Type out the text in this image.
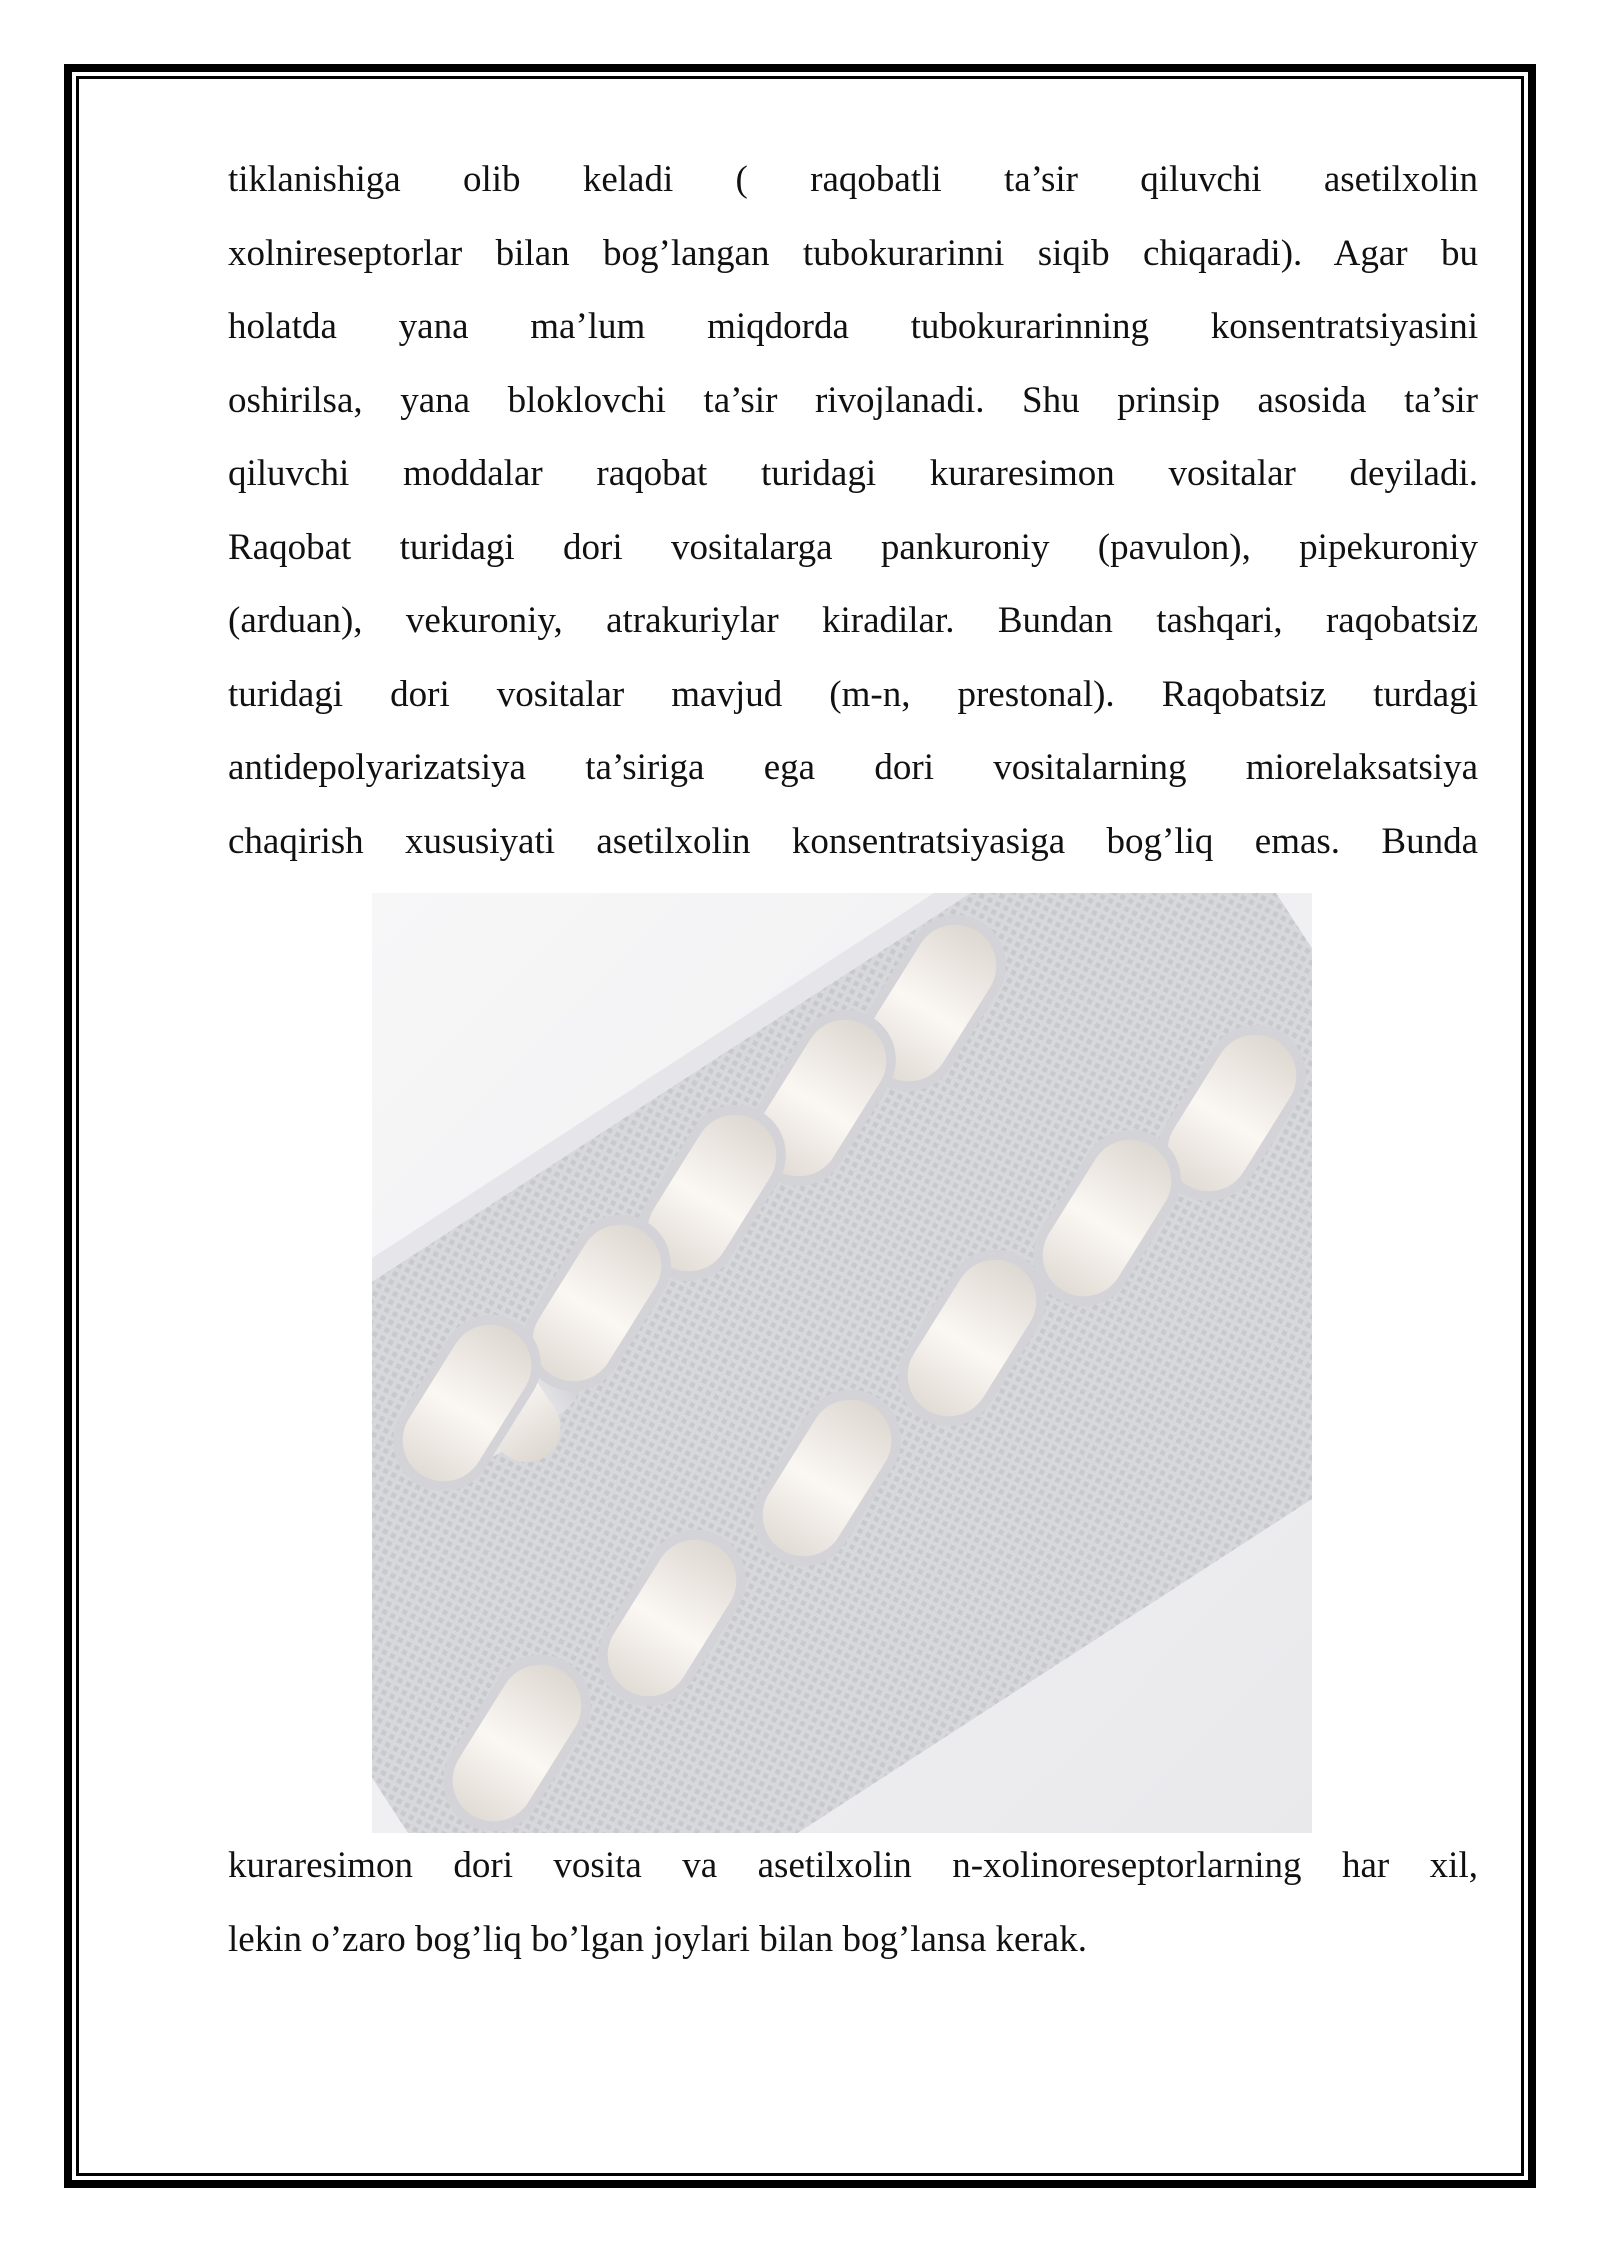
tiklanishiga olib keladi ( raqobatli ta’sir qiluvchi asetilxolin
xolnireseptorlar bilan bog’langan tubokurarinni siqib chiqaradi). Agar bu
holatda yana ma’lum miqdorda tubokurarinning konsentratsiyasini
oshirilsa, yana bloklovchi ta’sir rivojlanadi. Shu prinsip asosida ta’sir
qiluvchi moddalar raqobat turidagi kuraresimon vositalar deyiladi.
Raqobat turidagi dori vositalarga pankuroniy (pavulon), pipekuroniy
(arduan), vekuroniy, atrakuriylar kiradilar. Bundan tashqari, raqobatsiz
turidagi dori vositalar mavjud (m-n, prestonal). Raqobatsiz turdagi
antidepolyarizatsiya ta’siriga ega dori vositalarning miorelaksatsiya
chaqirish xususiyati asetilxolin konsentratsiyasiga bog’liq emas. Bunda

kuraresimon dori vosita va asetilxolin n-xolinoreseptorlarning har xil,
lekin o’zaro bog’liq bo’lgan joylari bilan bog’lansa kerak.
